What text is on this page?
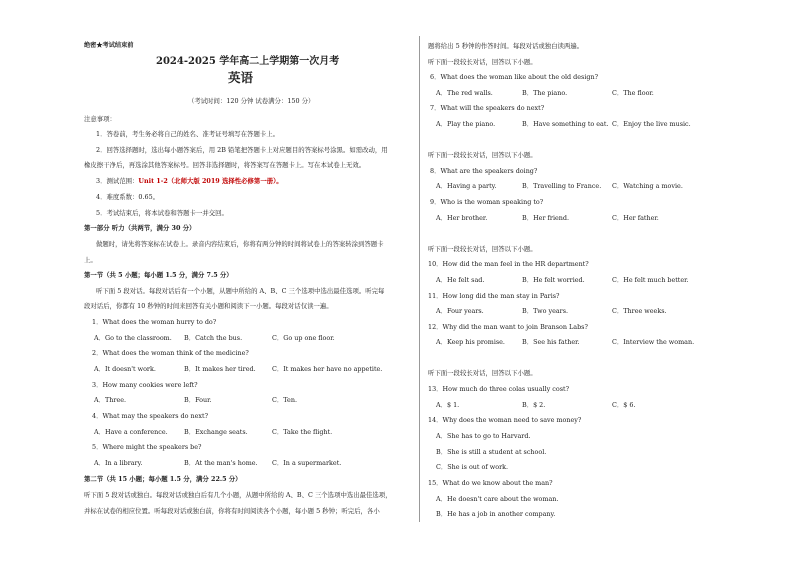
绝密★考试结束前
2024-2025 学年高二上学期第一次月考
英语
（考试时间：120 分钟 试卷满分：150 分）
注意事项：
1．答卷前，考生务必将自己的姓名、准考证号填写在答题卡上。
2．回答选择题时，选出每小题答案后，用 2B 铅笔把答题卡上对应题目的答案标号涂黑。如需改动，用
橡皮擦干净后，再选涂其他答案标号。回答非选择题时，将答案写在答题卡上。写在本试卷上无效。
3．测试范围：Unit 1-2（北师大版 2019 选择性必修第一册）。
4．难度系数：0.65。
5．考试结束后，将本试卷和答题卡一并交回。
第一部分 听力（共两节，满分 30 分）
做题时，请先将答案标在试卷上。录音内容结束后，你将有两分钟的时间将试卷上的答案转涂到答题卡
上。
第一节（共 5 小题；每小题 1.5 分，满分 7.5 分）
听下面 5 段对话。每段对话后有一个小题，从题中所给的 A、B、C 三个选项中选出最佳选项。听完每
段对话后，你都有 10 秒钟的时间来回答有关小题和阅读下一小题。每段对话仅读一遍。
1．What does the woman hurry to do?
A．Go to the classroom. B．Catch the bus.	C．Go up one floor.
2．What does the woman think of the medicine?
A．It doesn't work.	B．It makes her tired.	C．It makes her have no appetite.
3．How many cookies were left?
A．Three.	B．Four.	C．Ten.
4．What may the speakers do next?
A．Have a conference.	B．Exchange seats.	C．Take the flight.
5．Where might the speakers be?
A．In a library.	B．At the man's home. C．In a supermarket.
第二节（共 15 小题；每小题 1.5 分，满分 22.5 分）
听下面 5 段对话或独白。每段对话或独白后有几个小题，从题中所给的 A、B、C 三个选项中选出最佳选项，
并标在试卷的相应位置。听每段对话或独白前，你将有时间阅读各个小题，每小题 5 秒钟；听完后，各小
题将给出 5 秒钟的作答时间。每段对话或独白读两遍。
听下面一段较长对话，回答以下小题。
6．What does the woman like about the old design?
A．The red walls.	B．The piano.	C．The floor.
7．What will the speakers do next?
A．Play the piano.	B．Have something to eat. C．Enjoy the live music.
听下面一段较长对话，回答以下小题。
8．What are the speakers doing?
A．Having a party.	B．Travelling to France. C．Watching a movie.
9．Who is the woman speaking to?
A．Her brother.	B．Her friend.	C．Her father.
听下面一段较长对话，回答以下小题。
10．How did the man feel in the HR department?
A．He felt sad.	B．He felt worried.	C．He felt much better.
11．How long did the man stay in Paris?
A．Four years.	B．Two years.	C．Three weeks.
12．Why did the man want to join Branson Labs?
A．Keep his promise.	B．See his father.	C．Interview the woman.
听下面一段较长对话，回答以下小题。
13．How much do three colas usually cost?
A．$ 1.	B．$ 2.	C．$ 6.
14．Why does the woman need to save money?
A．She has to go to Harvard.
B．She is still a student at school.
C．She is out of work.
15．What do we know about the man?
A．He doesn't care about the woman.
B．He has a job in another company.
